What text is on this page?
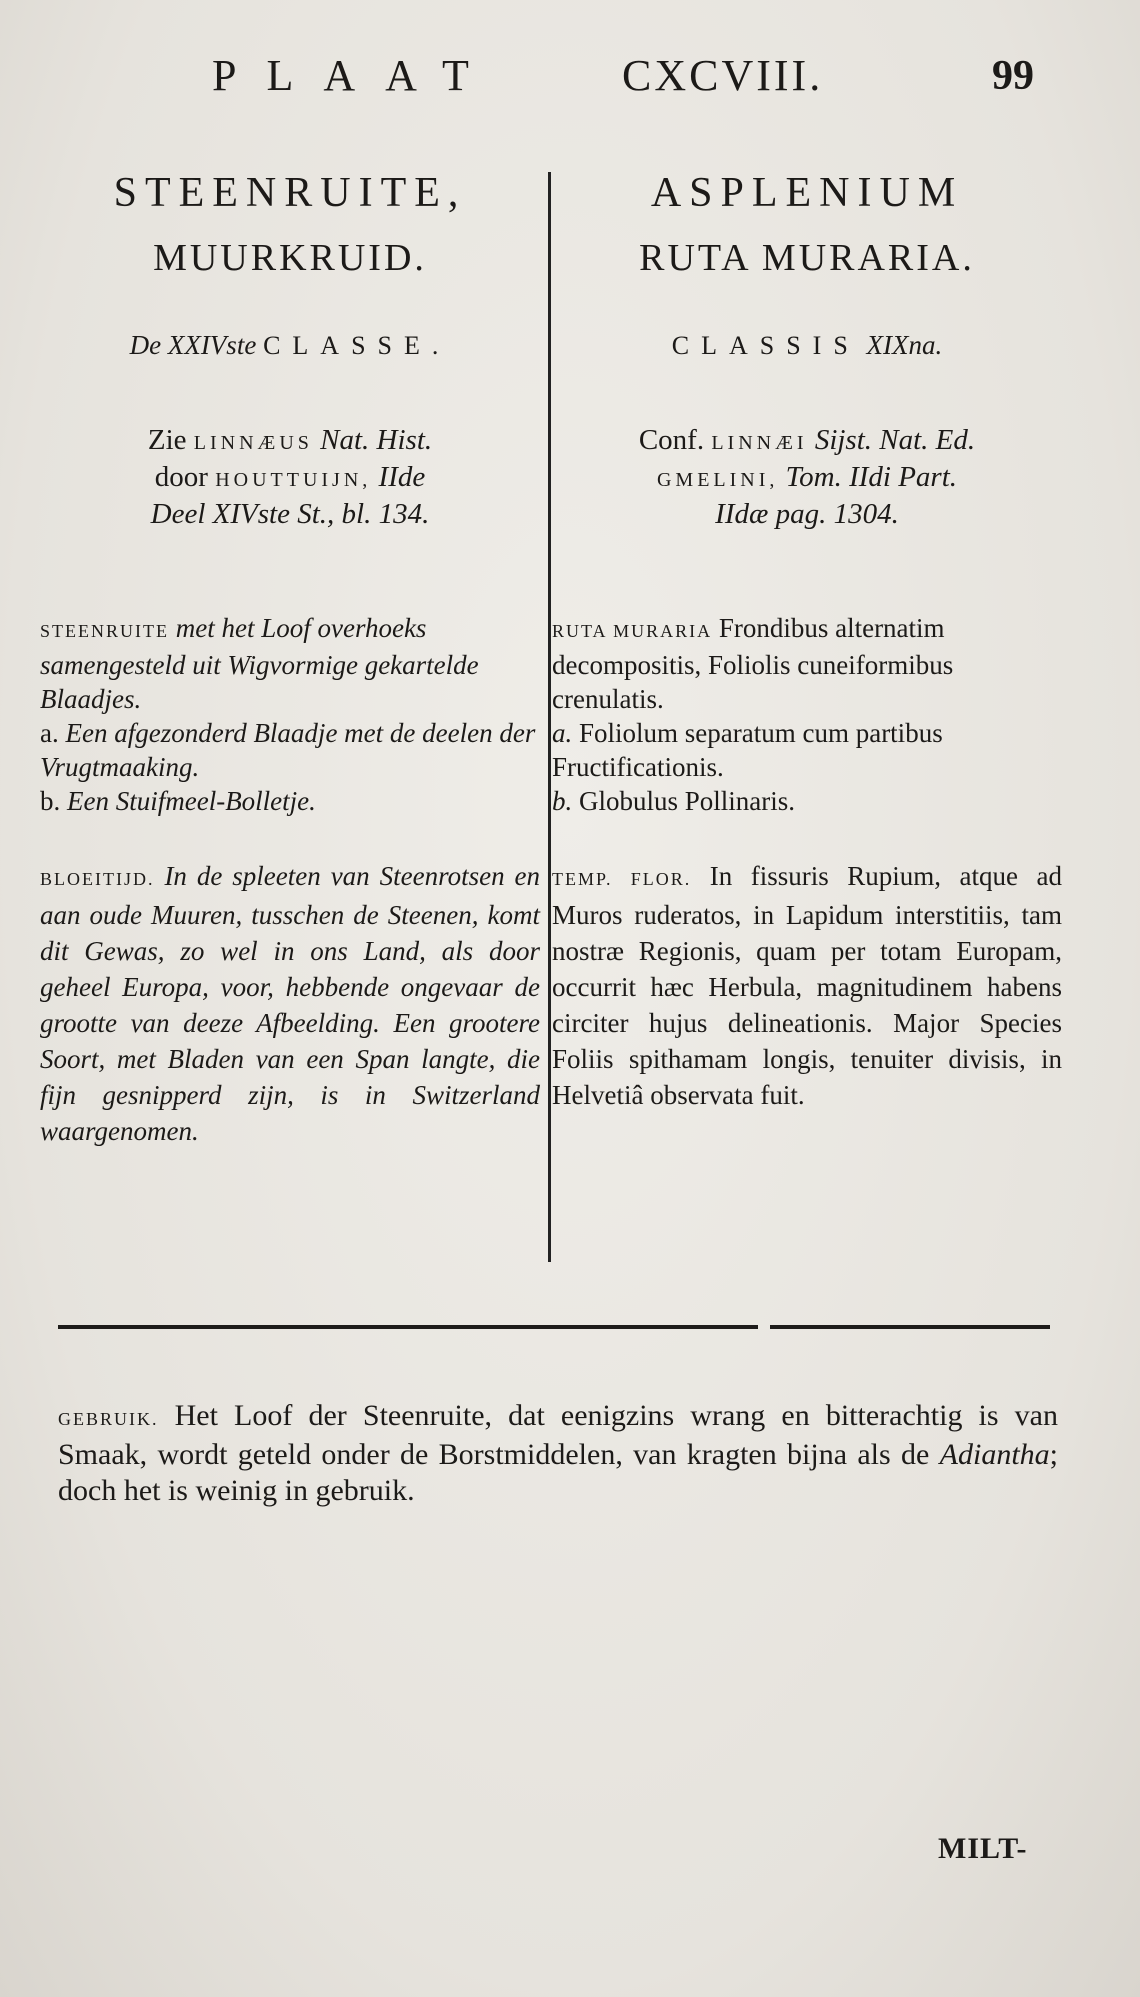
PLAAT	CXCVIII.	99
STEENRUITE,
MUURKRUID.
De XXIVste CLASSE.
Zie LINNÆUS Nat. Hist.
door HOUTTUIJN, IIde
Deel XIVste St., bl. 134.

STEENRUITE met het Loof overhoeks samengesteld uit Wigvormige gekartelde Blaadjes.

a. Een afgezonderd Blaadje met de deelen der Vrugtmaaking.

b. Een Stuifmeel-Bolletje.

BLOEITIJD. In de spleeten van Steenrotsen en aan oude Muuren, tusschen de Steenen, komt dit Gewas, zo wel in ons Land, als door geheel Europa, voor, hebbende ongevaar de grootte van deeze Afbeelding. Een grootere Soort, met Bladen van een Span langte, die fijn gesnipperd zijn, is in Switzerland waargenomen.
ASPLENIUM
RUTA MURARIA.
CLASSIS XIXna.
Conf. LINNÆI Sijst. Nat. Ed.
GMELINI, Tom. IIdi Part.
IIdæ pag. 1304.

RUTA MURARIA Frondibus alternatim decompositis, Foliolis cuneiformibus crenulatis.

a. Foliolum separatum cum partibus Fructificationis.

b. Globulus Pollinaris.

TEMP. FLOR. In fissuris Rupium, atque ad Muros ruderatos, in Lapidum interstitiis, tam nostræ Regionis, quam per totam Europam, occurrit hæc Herbula, magnitudinem habens circiter hujus delineationis. Major Species Foliis spithamam longis, tenuiter divisis, in Helvetiâ observata fuit.
GEBRUIK. Het Loof der Steenruite, dat eenigzins wrang en bitterachtig is van Smaak, wordt geteld onder de Borstmiddelen, van kragten bijna als de Adiantha; doch het is weinig in gebruik.
MILT-
